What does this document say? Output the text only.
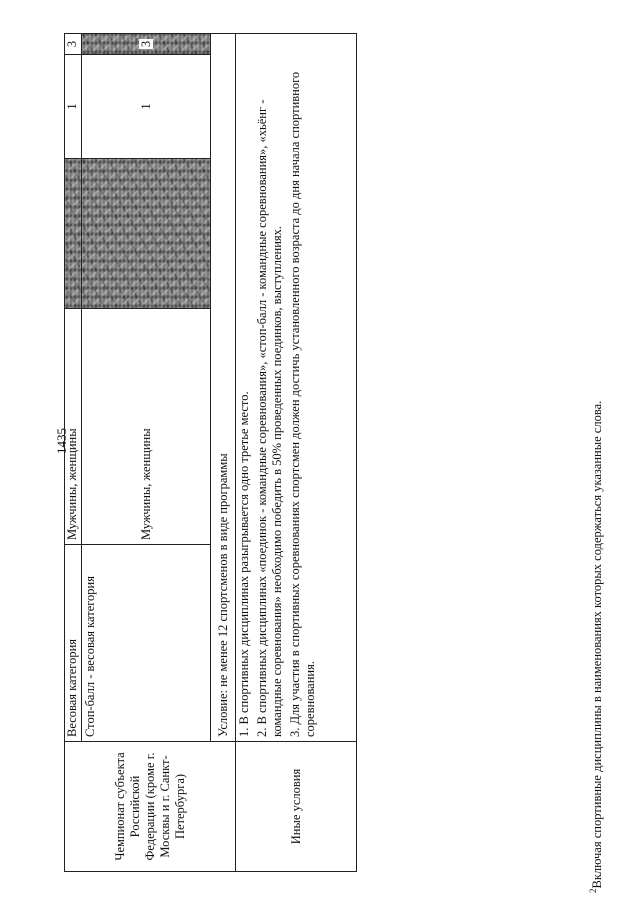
1435
Чемпионат субъекта Российской Федерации (кроме г. Москвы и г. Санкт-Петербурга)	Весовая категория	Мужчины, женщины		1	3
	Стоп-балл - весовая категория	Мужчины, женщины		1	3
	Условие: не менее 12 спортсменов в виде программы				
Иные условия	1. В спортивных дисциплинах разыгрывается одно третье место. 2. В спортивных дисциплинах «поединок - командные соревнования», «стоп-балл - командные соревнования», «хьёнг - командные соревнования» необходимо победить в 50% проведенных поединков, выступлениях. 3. Для участия в спортивных соревнованиях спортсмен должен достичь установленного возраста до дня начала спортивного соревнования.				

$^2$Включая спортивные дисциплины в наименованиях которых содержаться указанные слова.
